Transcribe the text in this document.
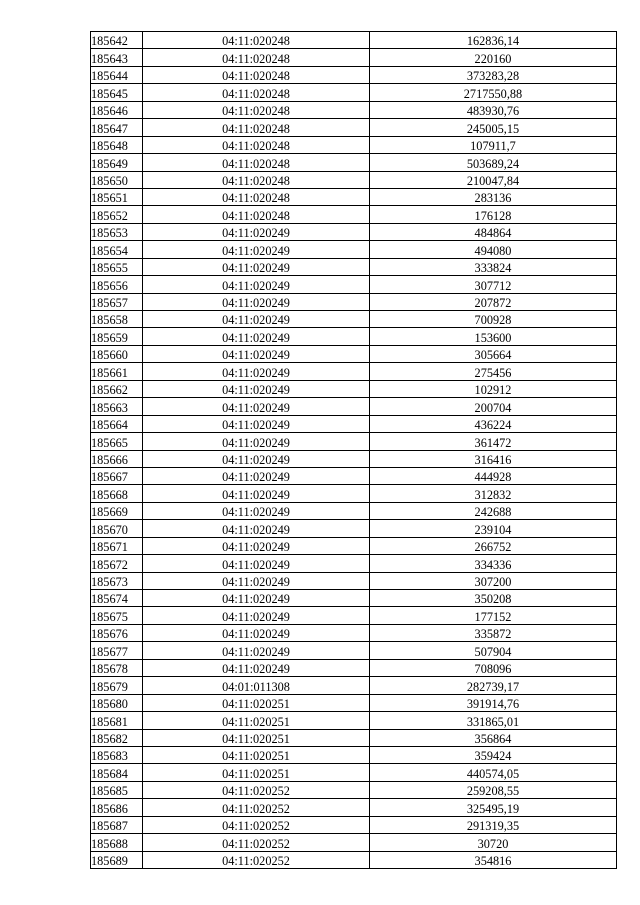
185642	04:11:020248	162836,14
185643	04:11:020248	220160
185644	04:11:020248	373283,28
185645	04:11:020248	2717550,88
185646	04:11:020248	483930,76
185647	04:11:020248	245005,15
185648	04:11:020248	107911,7
185649	04:11:020248	503689,24
185650	04:11:020248	210047,84
185651	04:11:020248	283136
185652	04:11:020248	176128
185653	04:11:020249	484864
185654	04:11:020249	494080
185655	04:11:020249	333824
185656	04:11:020249	307712
185657	04:11:020249	207872
185658	04:11:020249	700928
185659	04:11:020249	153600
185660	04:11:020249	305664
185661	04:11:020249	275456
185662	04:11:020249	102912
185663	04:11:020249	200704
185664	04:11:020249	436224
185665	04:11:020249	361472
185666	04:11:020249	316416
185667	04:11:020249	444928
185668	04:11:020249	312832
185669	04:11:020249	242688
185670	04:11:020249	239104
185671	04:11:020249	266752
185672	04:11:020249	334336
185673	04:11:020249	307200
185674	04:11:020249	350208
185675	04:11:020249	177152
185676	04:11:020249	335872
185677	04:11:020249	507904
185678	04:11:020249	708096
185679	04:01:011308	282739,17
185680	04:11:020251	391914,76
185681	04:11:020251	331865,01
185682	04:11:020251	356864
185683	04:11:020251	359424
185684	04:11:020251	440574,05
185685	04:11:020252	259208,55
185686	04:11:020252	325495,19
185687	04:11:020252	291319,35
185688	04:11:020252	30720
185689	04:11:020252	354816
